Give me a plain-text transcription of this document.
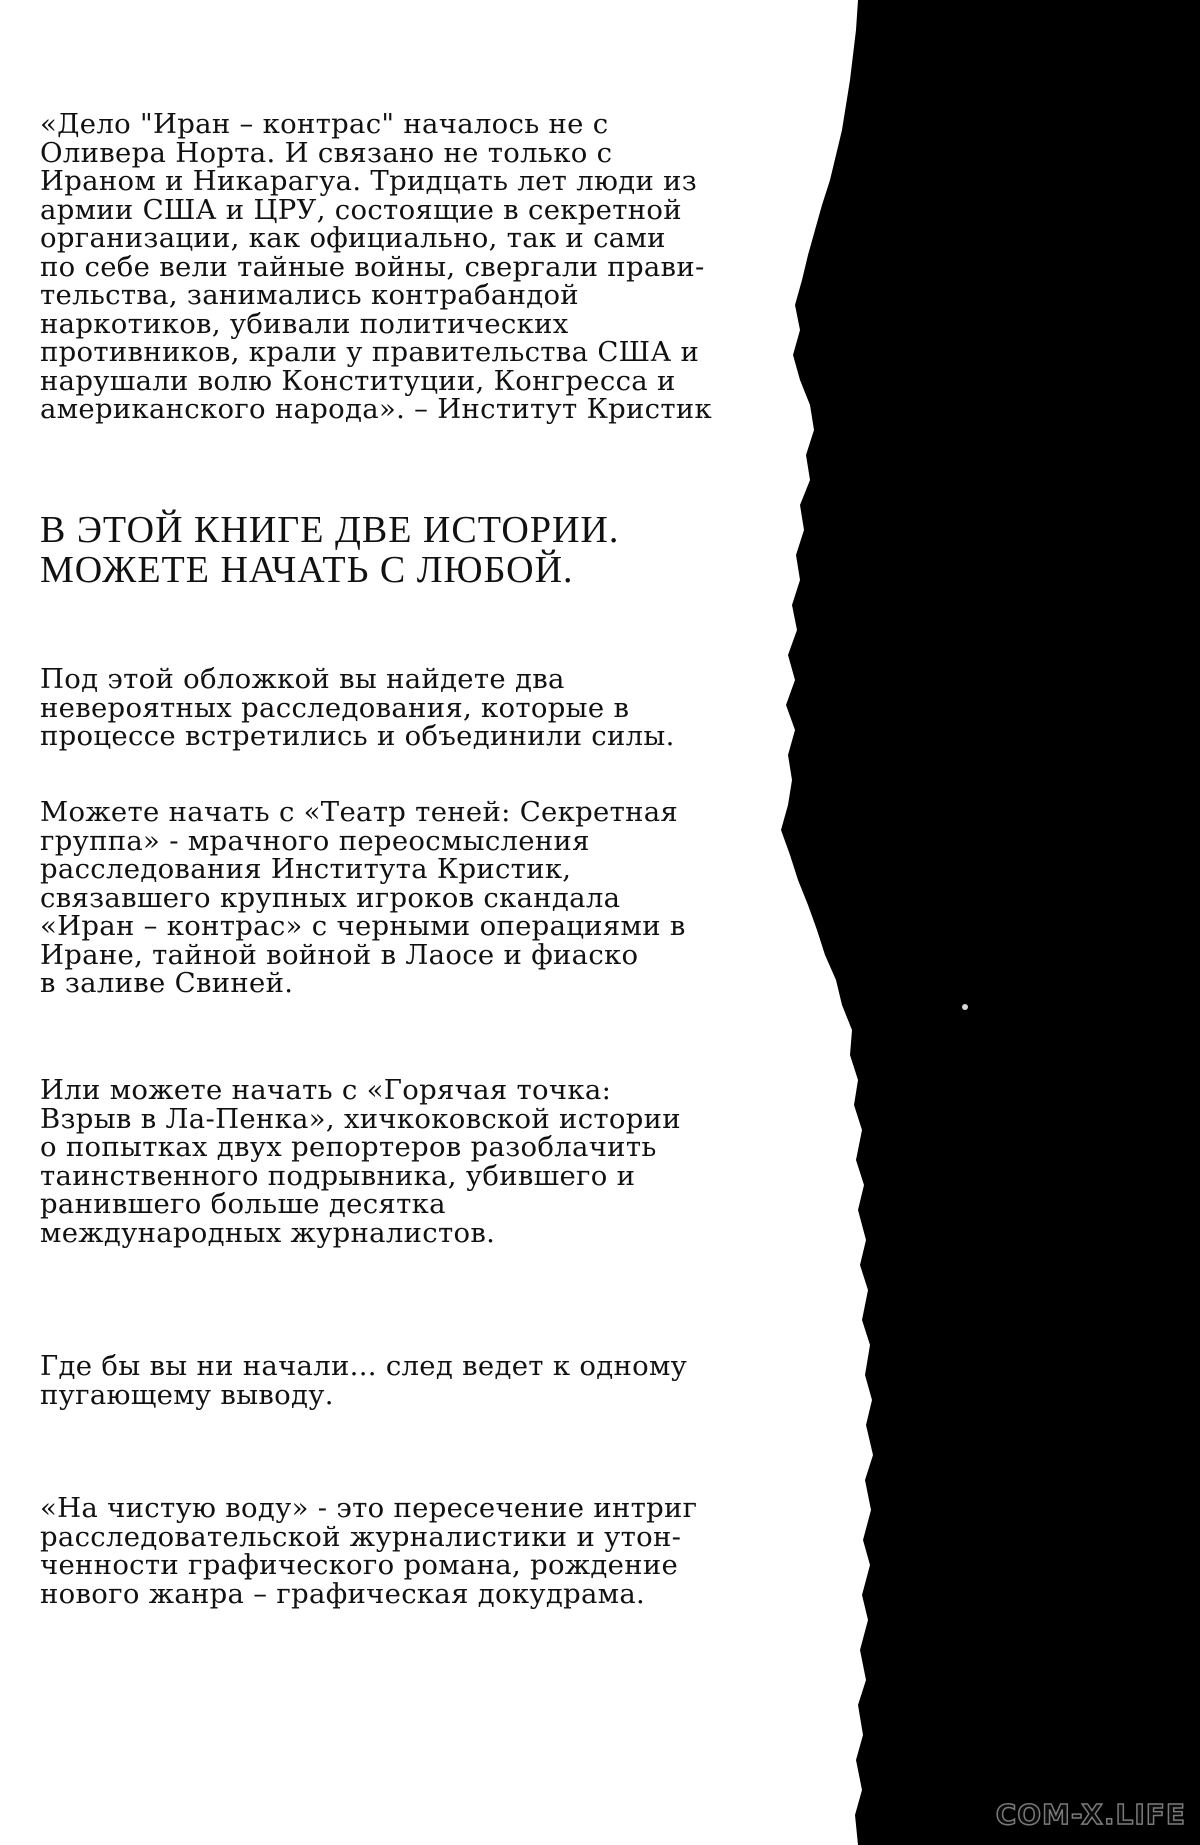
«Дело "Иран – контрас" началось не с
Оливера Норта. И связано не только с
Ираном и Никарагуа. Тридцать лет люди из
армии США и ЦРУ, состоящие в секретной
организации, как официально, так и сами
по себе вели тайные войны, свергали прави-
тельства, занимались контрабандой
наркотиков, убивали политических
противников, крали у правительства США и
нарушали волю Конституции, Конгресса и
американского народа». – Институт Кристик

В ЭТОЙ КНИГЕ ДВЕ ИСТОРИИ.
МОЖЕТЕ НАЧАТЬ С ЛЮБОЙ.

Под этой обложкой вы найдете два
невероятных расследования, которые в
процессе встретились и объединили силы.

Можете начать с «Театр теней: Секретная
группа» - мрачного переосмысления
расследования Института Кристик,
связавшего крупных игроков скандала
«Иран – контрас» с черными операциями в
Иране, тайной войной в Лаосе и фиаско
в заливе Свиней.

Или можете начать с «Горячая точка:
Взрыв в Ла-Пенка», хичкоковской истории
о попытках двух репортеров разоблачить
таинственного подрывника, убившего и
ранившего больше десятка
международных журналистов.

Где бы вы ни начали... след ведет к одному
пугающему выводу.

«На чистую воду» - это пересечение интриг
расследовательской журналистики и утон-
ченности графического романа, рождение
нового жанра – графическая докудрама.

COM-X.LIFE
